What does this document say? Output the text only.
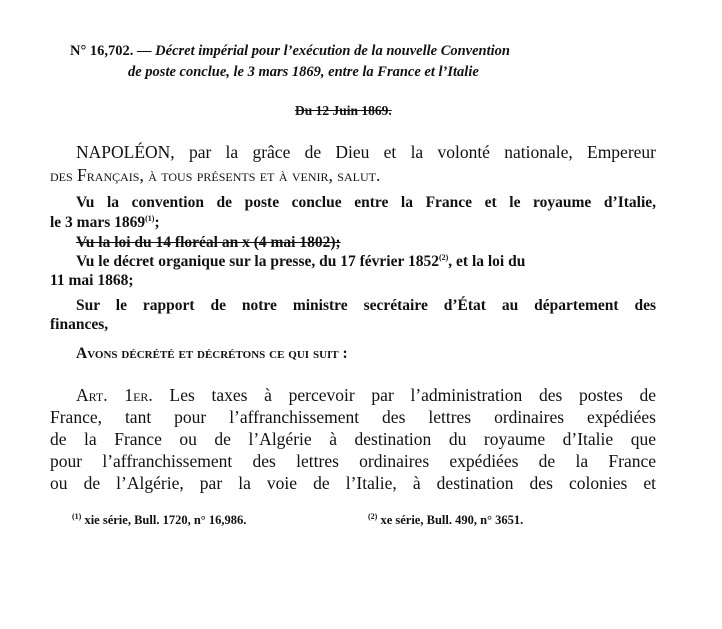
N° 16,702. — Décret impérial pour l’exécution de la nouvelle Convention
de poste conclue, le 3 mars 1869, entre la France et l’Italie
Du 12 Juin 1869.
NAPOLÉON, par la grâce de Dieu et la volonté nationale, Empereur
des Français, à tous présents et à venir, salut.
Vu la convention de poste conclue entre la France et le royaume d’Italie,
le 3 mars 1869$^{(1)}$;
Vu la loi du 14 floréal an x (4 mai 1802);
Vu le décret organique sur la presse, du 17 février 1852$^{(2)}$, et la loi du
11 mai 1868;
Sur le rapport de notre ministre secrétaire d’État au département des
finances,
Avons décrété et décrétons ce qui suit :
Art. 1er. Les taxes à percevoir par l’administration des postes de
France, tant pour l’affranchissement des lettres ordinaires expédiées
de la France ou de l’Algérie à destination du royaume d’Italie que
pour l’affranchissement des lettres ordinaires expédiées de la France
ou de l’Algérie, par la voie de l’Italie, à destination des colonies et
$^{(1)}$ xie série, Bull. 1720, n° 16,986.	$^{(2)}$ xe série, Bull. 490, n° 3651.
